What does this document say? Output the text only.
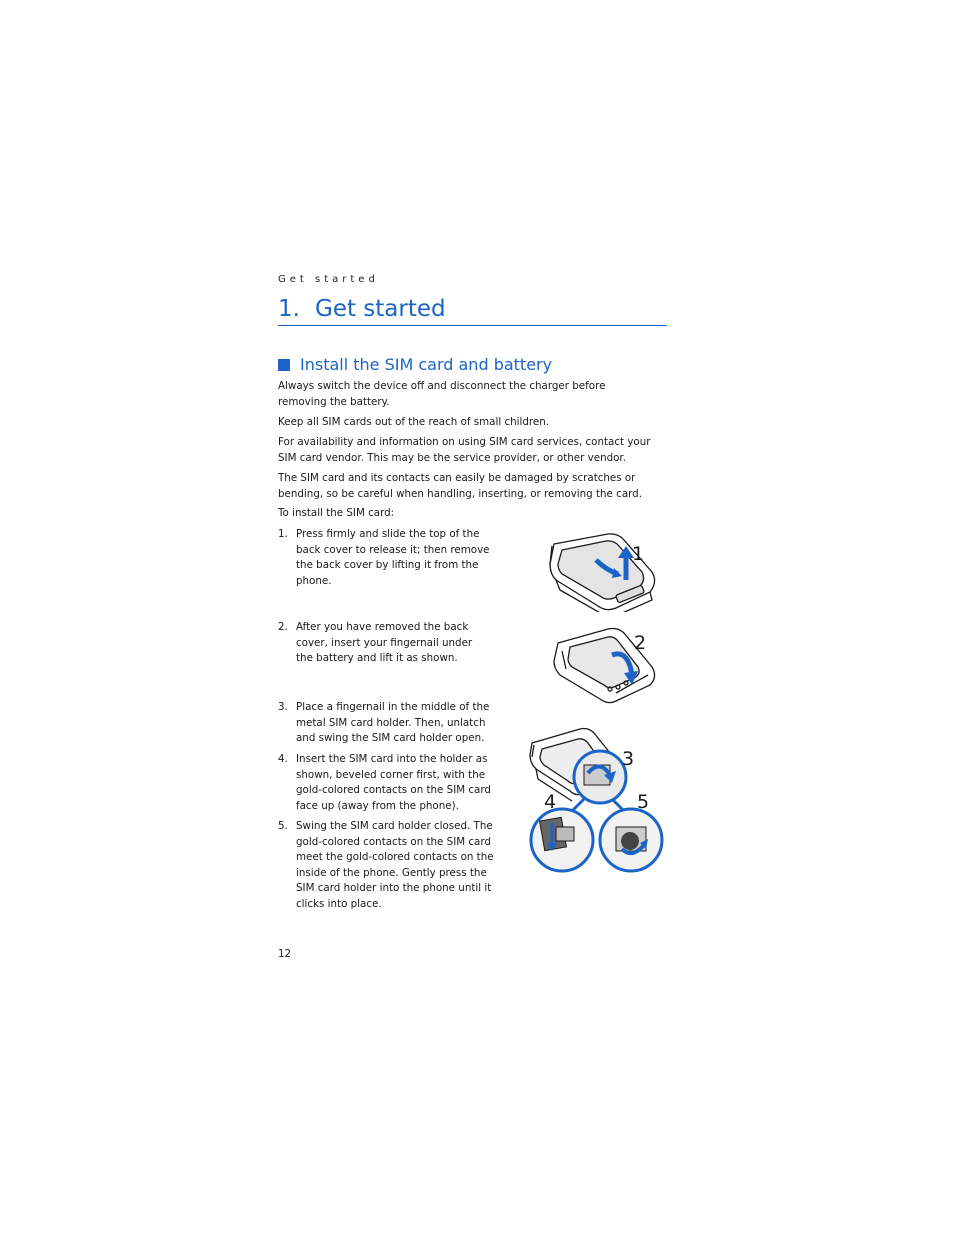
Get started
1. Get started
Install the SIM card and battery

Always switch the device off and disconnect the charger before removing the battery.

Keep all SIM cards out of the reach of small children.

For availability and information on using SIM card services, contact your SIM card vendor. This may be the service provider, or other vendor.

The SIM card and its contacts can easily be damaged by scratches or bending, so be careful when handling, inserting, or removing the card.

To install the SIM card:

1. Press firmly and slide the top of the back cover to release it; then remove the back cover by lifting it from the phone.
2. After you have removed the back cover, insert your fingernail under the battery and lift it as shown.
3. Place a fingernail in the middle of the metal SIM card holder. Then, unlatch and swing the SIM card holder open.
4. Insert the SIM card into the holder as shown, beveled corner first, with the gold-colored contacts on the SIM card face up (away from the phone).
5. Swing the SIM card holder closed. The gold-colored contacts on the SIM card meet the gold-colored contacts on the inside of the phone. Gently press the SIM card holder into the phone until it clicks into place.
1
2
3
4	5
12
